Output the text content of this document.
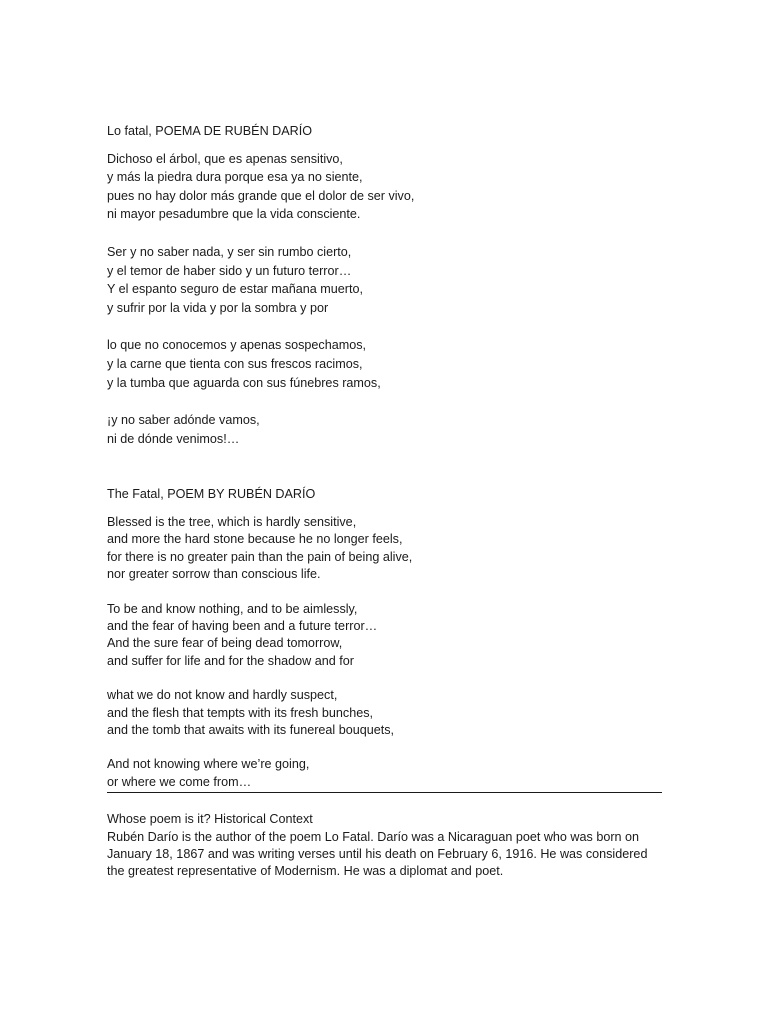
Lo fatal, POEMA DE RUBÉN DARÍO
Dichoso el árbol, que es apenas sensitivo,
y más la piedra dura porque esa ya no siente,
pues no hay dolor más grande que el dolor de ser vivo,
ni mayor pesadumbre que la vida consciente.
Ser y no saber nada, y ser sin rumbo cierto,
y el temor de haber sido y un futuro terror…
Y el espanto seguro de estar mañana muerto,
y sufrir por la vida y por la sombra y por
lo que no conocemos y apenas sospechamos,
y la carne que tienta con sus frescos racimos,
y la tumba que aguarda con sus fúnebres ramos,
¡y no saber adónde vamos,
ni de dónde venimos!…
The Fatal, POEM BY RUBÉN DARÍO
Blessed is the tree, which is hardly sensitive,
and more the hard stone because he no longer feels,
for there is no greater pain than the pain of being alive,
nor greater sorrow than conscious life.
To be and know nothing, and to be aimlessly,
and the fear of having been and a future terror…
And the sure fear of being dead tomorrow,
and suffer for life and for the shadow and for
what we do not know and hardly suspect,
and the flesh that tempts with its fresh bunches,
and the tomb that awaits with its funereal bouquets,
And not knowing where we’re going,
or where we come from…

Whose poem is it? Historical Context

Rubén Darío is the author of the poem Lo Fatal. Darío was a Nicaraguan poet who was born on January 18, 1867 and was writing verses until his death on February 6, 1916. He was considered the greatest representative of Modernism. He was a diplomat and poet.
